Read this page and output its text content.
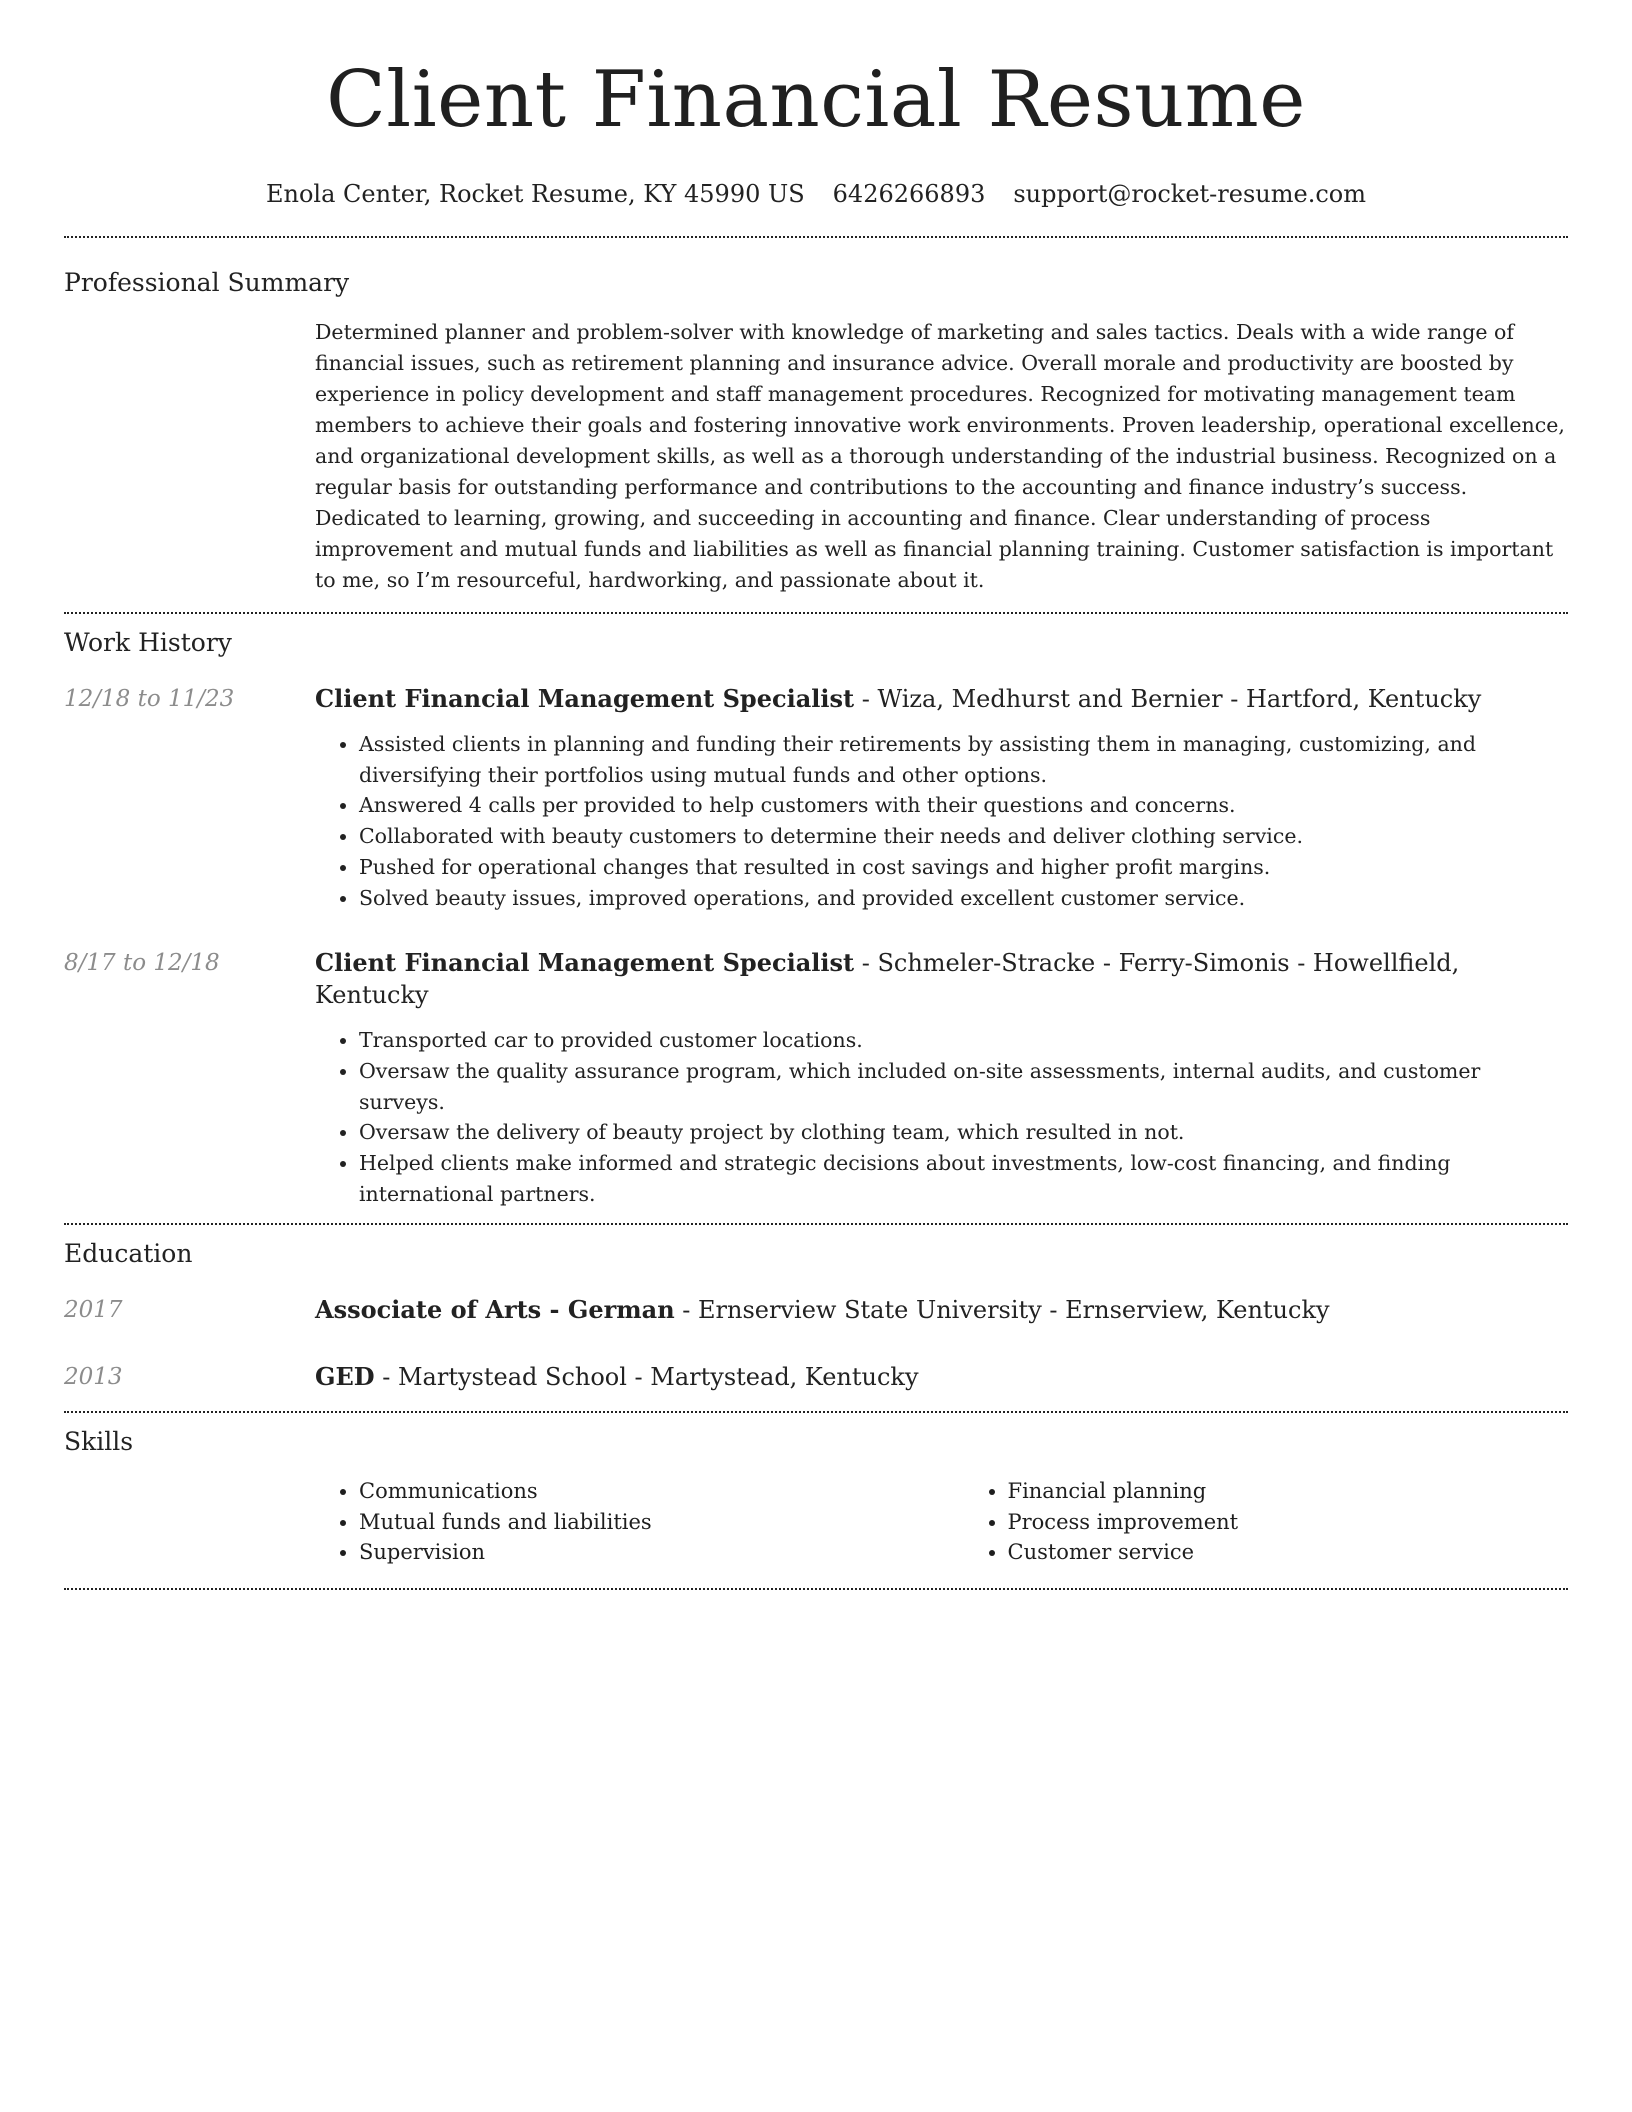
Client Financial Resume
Enola Center, Rocket Resume, KY 45990 US 6426266893 support@rocket-resume.com
Professional Summary

Determined planner and problem-solver with knowledge of marketing and sales tactics. Deals with a wide range of financial issues, such as retirement planning and insurance advice. Overall morale and productivity are boosted by experience in policy development and staff management procedures. Recognized for motivating management team members to achieve their goals and fostering innovative work environments. Proven leadership, operational excellence, and organizational development skills, as well as a thorough understanding of the industrial business. Recognized on a regular basis for outstanding performance and contributions to the accounting and finance industry’s success. Dedicated to learning, growing, and succeeding in accounting and finance. Clear understanding of process improvement and mutual funds and liabilities as well as financial planning training. Customer satisfaction is important to me, so I’m resourceful, hardworking, and passionate about it.

Work History
12/18 to 11/23	Client Financial Management Specialist - Wiza, Medhurst and Bernier - Hartford, Kentucky
• Assisted clients in planning and funding their retirements by assisting them in managing, customizing, and diversifying their portfolios using mutual funds and other options.
• Answered 4 calls per provided to help customers with their questions and concerns.
• Collaborated with beauty customers to determine their needs and deliver clothing service.
• Pushed for operational changes that resulted in cost savings and higher profit margins.
• Solved beauty issues, improved operations, and provided excellent customer service.
8/17 to 12/18	Client Financial Management Specialist - Schmeler-Stracke - Ferry-Simonis - Howellfield, Kentucky
• Transported car to provided customer locations.
• Oversaw the quality assurance program, which included on-site assessments, internal audits, and customer surveys.
• Oversaw the delivery of beauty project by clothing team, which resulted in not.
• Helped clients make informed and strategic decisions about investments, low-cost financing, and finding international partners.
Education
2017	Associate of Arts - German - Ernserview State University - Ernserview, Kentucky
2013	GED - Martystead School - Martystead, Kentucky
Skills
• Communications
• Mutual funds and liabilities
• Supervision
• Financial planning
• Process improvement
• Customer service
